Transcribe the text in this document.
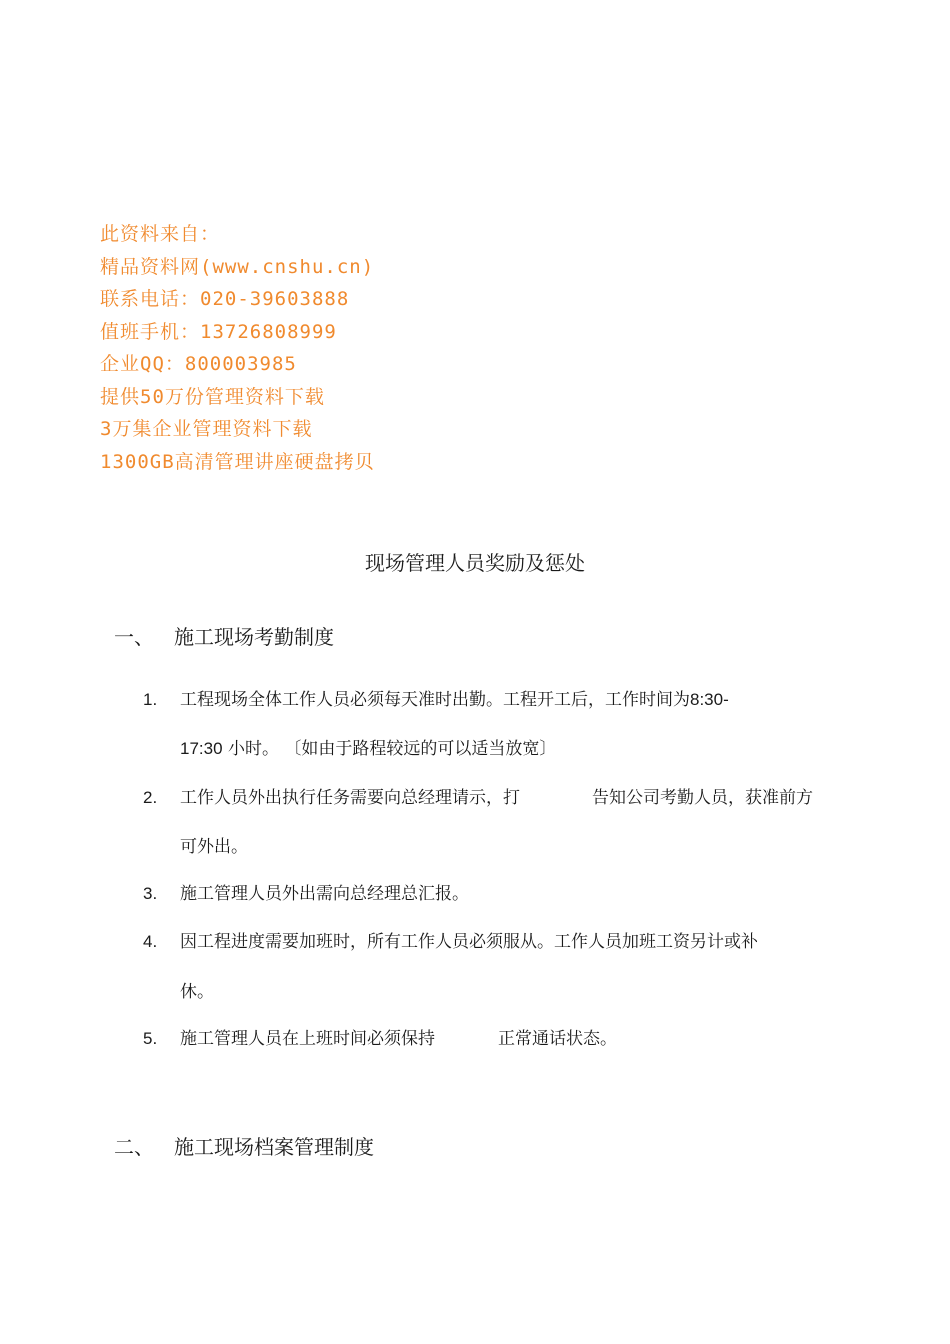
此资料来自：
精品资料网(www.cnshu.cn)
联系电话：020-39603888
值班手机：13726808999
企业QQ：800003985
提供50万份管理资料下载
3万集企业管理资料下载
1300GB高清管理讲座硬盘拷贝
现场管理人员奖励及惩处
一、 施工现场考勤制度
1. 工程现场全体工作人员必须每天准时出勤。工程开工后，工作时间为8:30-
17:30 小时。 〔如由于路程较远的可以适当放宽〕
2. 工作人员外出执行任务需要向总经理请示，打	告知公司考勤人员，获准前方
可外出。
3. 施工管理人员外出需向总经理总汇报。
4. 因工程进度需要加班时，所有工作人员必须服从。工作人员加班工资另计或补
休。
5. 施工管理人员在上班时间必须保持	正常通话状态。
二、 施工现场档案管理制度
